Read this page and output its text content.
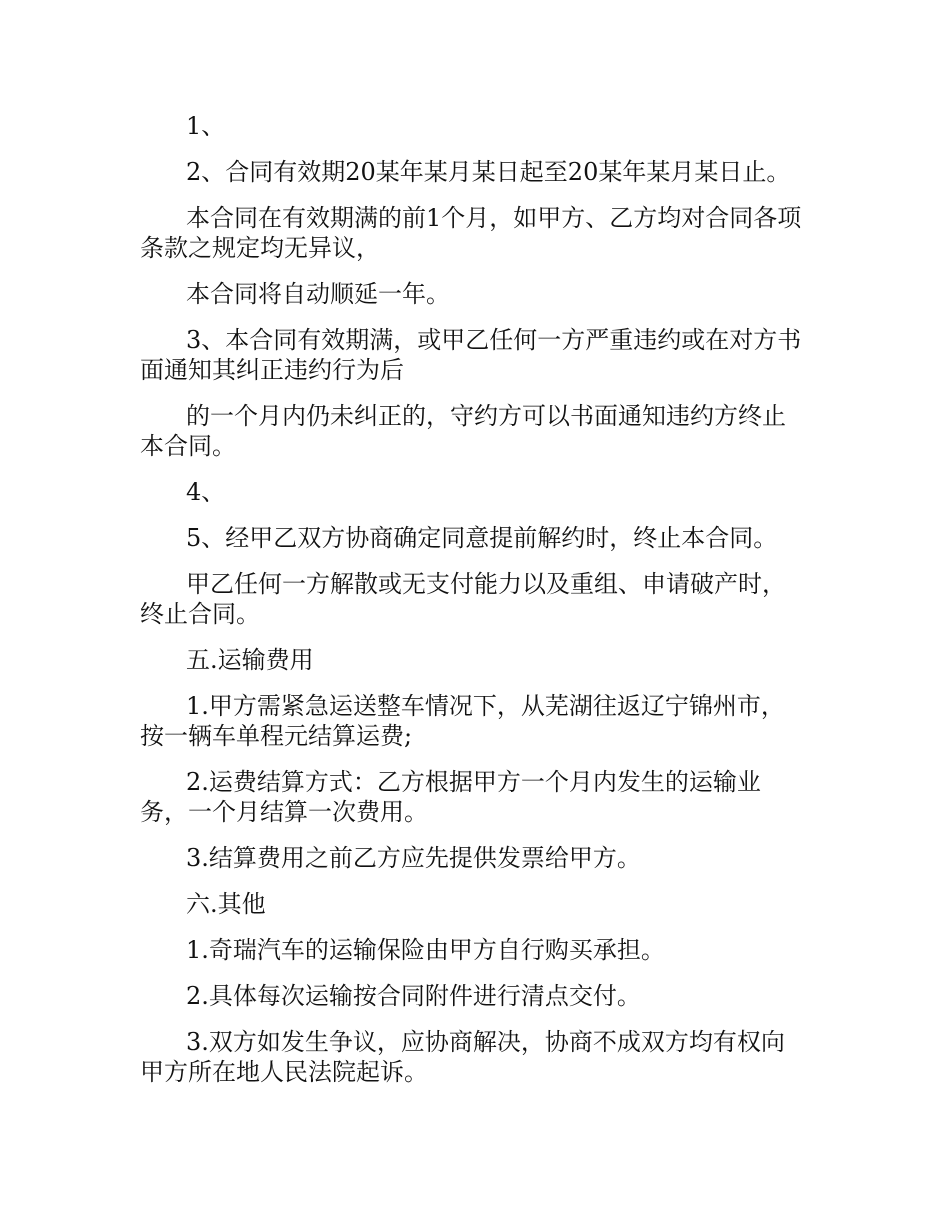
1、

2、合同有效期20某年某月某日起至20某年某月某日止。

本合同在有效期满的前1个月，如甲方、乙方均对合同各项条款之规定均无异议，

本合同将自动顺延一年。

3、本合同有效期满，或甲乙任何一方严重违约或在对方书面通知其纠正违约行为后

的一个月内仍未纠正的，守约方可以书面通知违约方终止本合同。

4、

5、经甲乙双方协商确定同意提前解约时，终止本合同。

甲乙任何一方解散或无支付能力以及重组、申请破产时，终止合同。

五.运输费用

1.甲方需紧急运送整车情况下，从芜湖往返辽宁锦州市，按一辆车单程元结算运费;

2.运费结算方式：乙方根据甲方一个月内发生的运输业务，一个月结算一次费用。

3.结算费用之前乙方应先提供发票给甲方。

六.其他

1.奇瑞汽车的运输保险由甲方自行购买承担。

2.具体每次运输按合同附件进行清点交付。

3.双方如发生争议，应协商解决，协商不成双方均有权向甲方所在地人民法院起诉。
